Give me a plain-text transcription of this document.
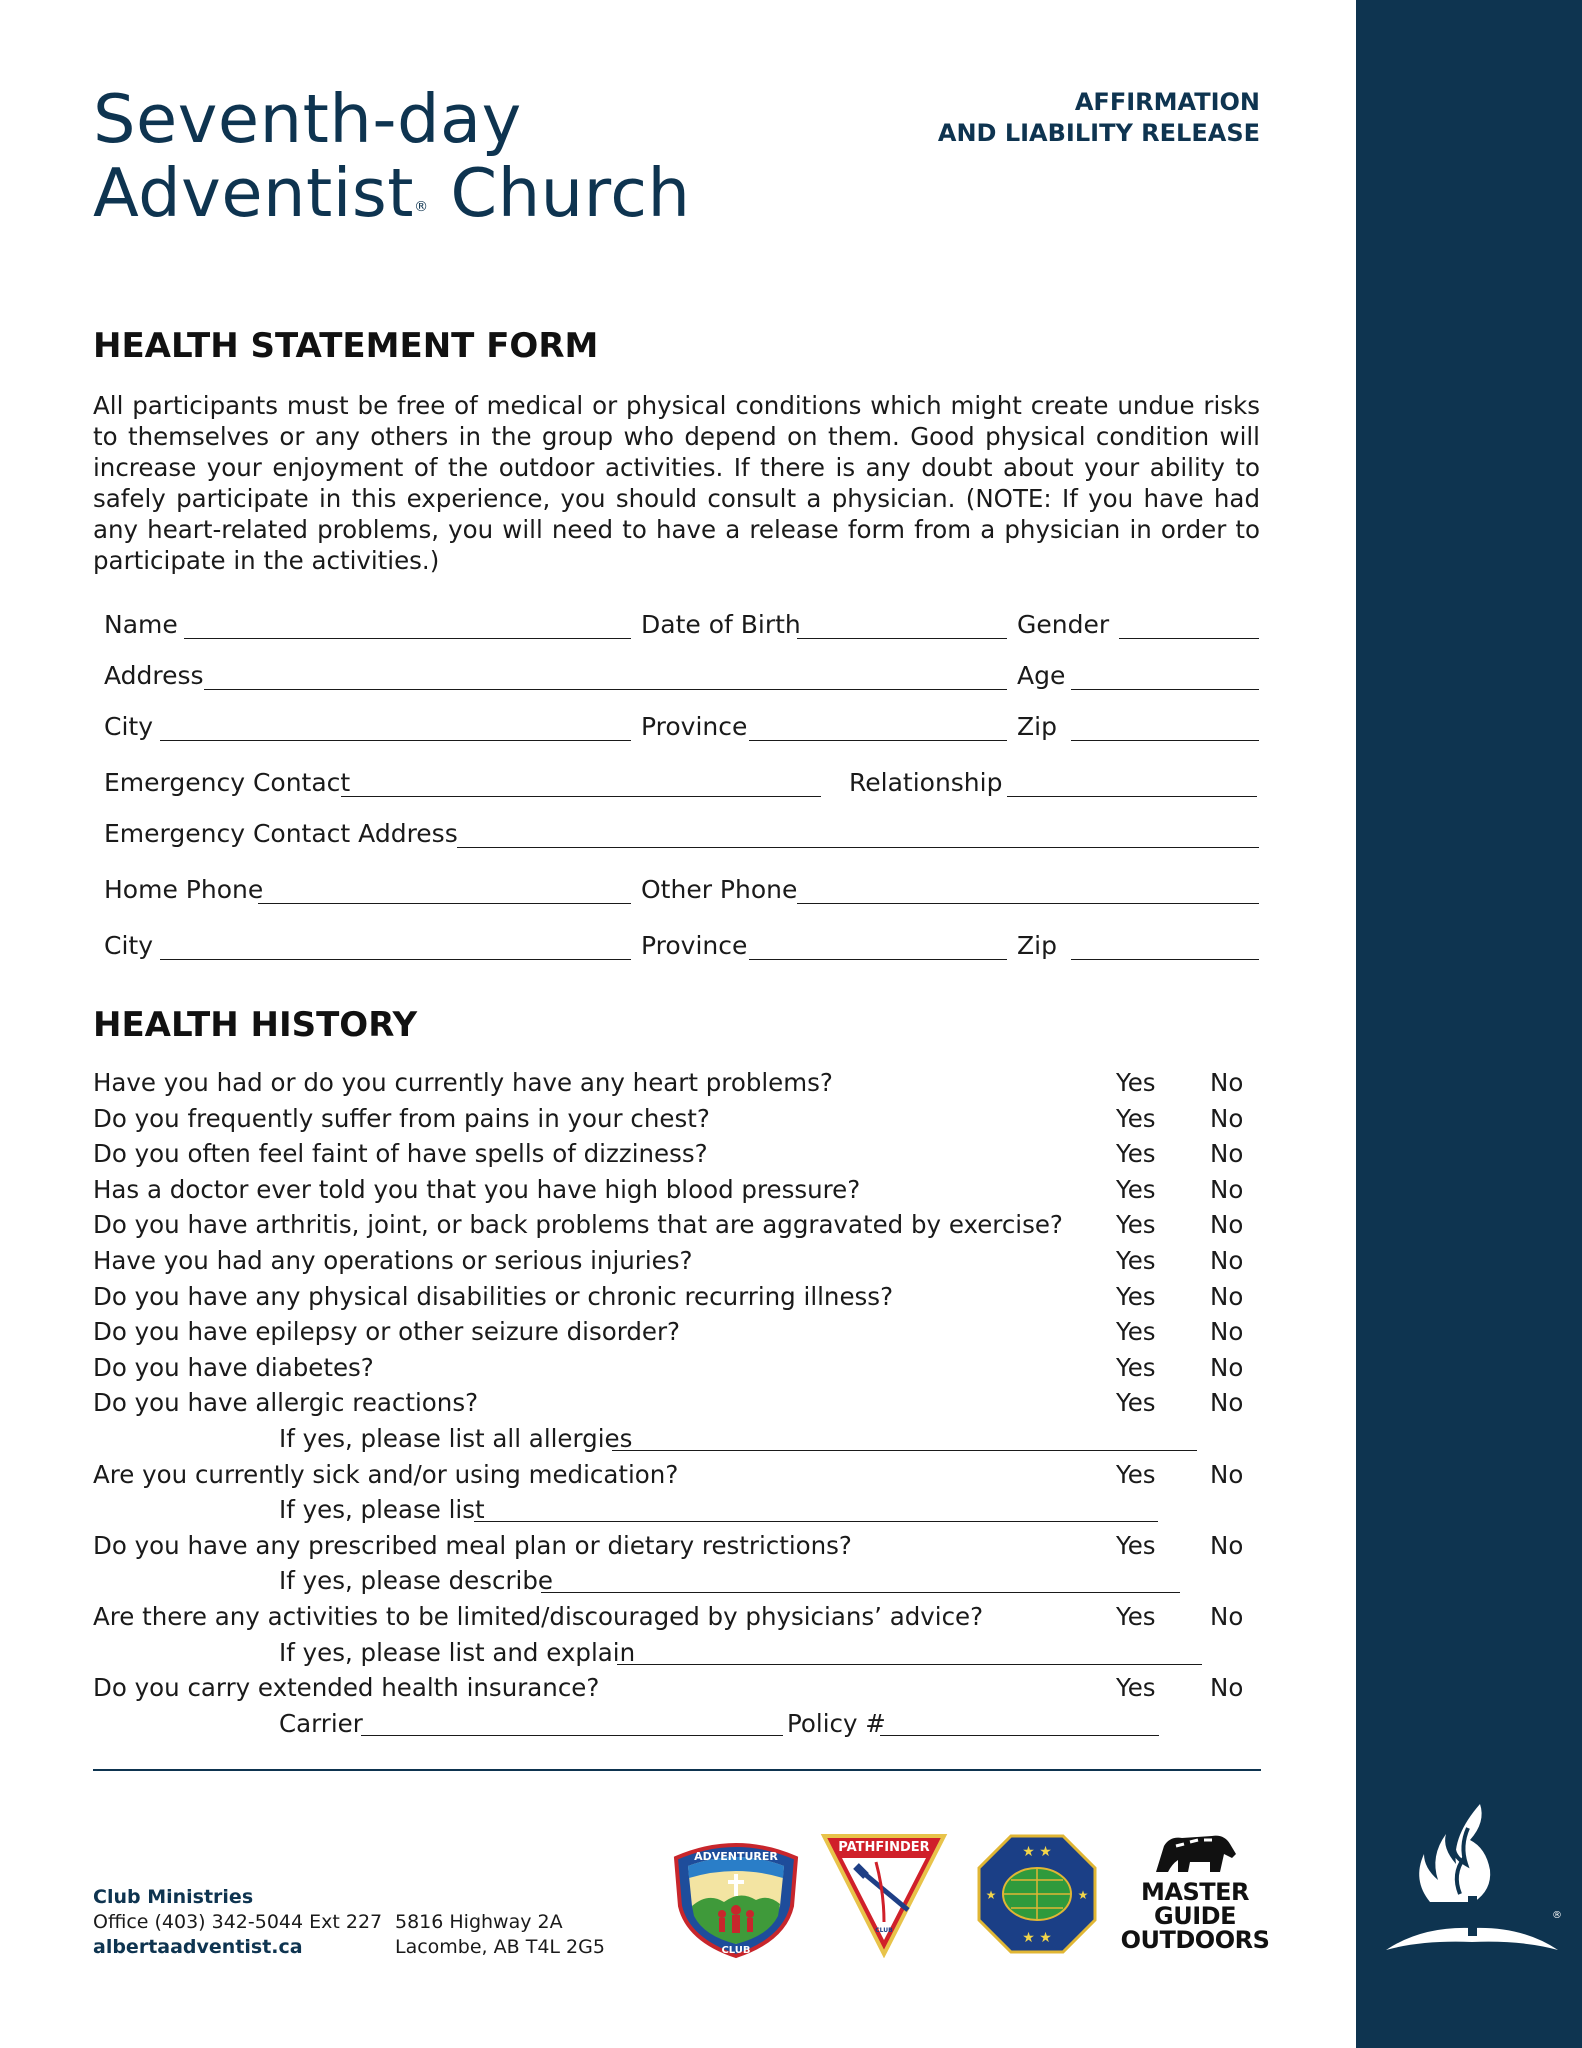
Seventh-day
Adventist® Church
AFFIRMATION
AND LIABILITY RELEASE
HEALTH STATEMENT FORM

All participants must be free of medical or physical conditions which might create undue risks to themselves or any others in the group who depend on them. Good physical condition will increase your enjoyment of the outdoor activities. If there is any doubt about your ability to safely participate in this experience, you should consult a physician. (NOTE: If you have had any heart-related problems, you will need to have a release form from a physician in order to participate in the activities.)

Name	Date of Birth	Gender
Address	Age
City	Province	Zip
Emergency Contact	Relationship
Emergency Contact Address
Home Phone	Other Phone
City	Province	Zip
HEALTH HISTORY
Have you had or do you currently have any heart problems?	Yes No
Do you frequently suffer from pains in your chest?	Yes No
Do you often feel faint of have spells of dizziness?	Yes No
Has a doctor ever told you that you have high blood pressure?	Yes No
Do you have arthritis, joint, or back problems that are aggravated by exercise? Yes No
Have you had any operations or serious injuries?	Yes No
Do you have any physical disabilities or chronic recurring illness?	Yes No
Do you have epilepsy or other seizure disorder?	Yes No
Do you have diabetes?	Yes No
Do you have allergic reactions?	Yes No
If yes, please list all allergies
Are you currently sick and/or using medication?	Yes No
If yes, please list
Do you have any prescribed meal plan or dietary restrictions?	Yes No
If yes, please describe
Are there any activities to be limited/discouraged by physicians’ advice?	Yes No
If yes, please list and explain
Do you carry extended health insurance?	Yes No
Carrier	Policy #
Club Ministries
Office (403) 342-5044 Ext 227
albertaadventist.ca
5816 Highway 2A
Lacombe, AB T4L 2G5
ADVENTURER
CLUB
PATHFINDER
CLUB
★ ★
★ ★
★	★	MASTER
GUIDE
OUTDOORS
®
